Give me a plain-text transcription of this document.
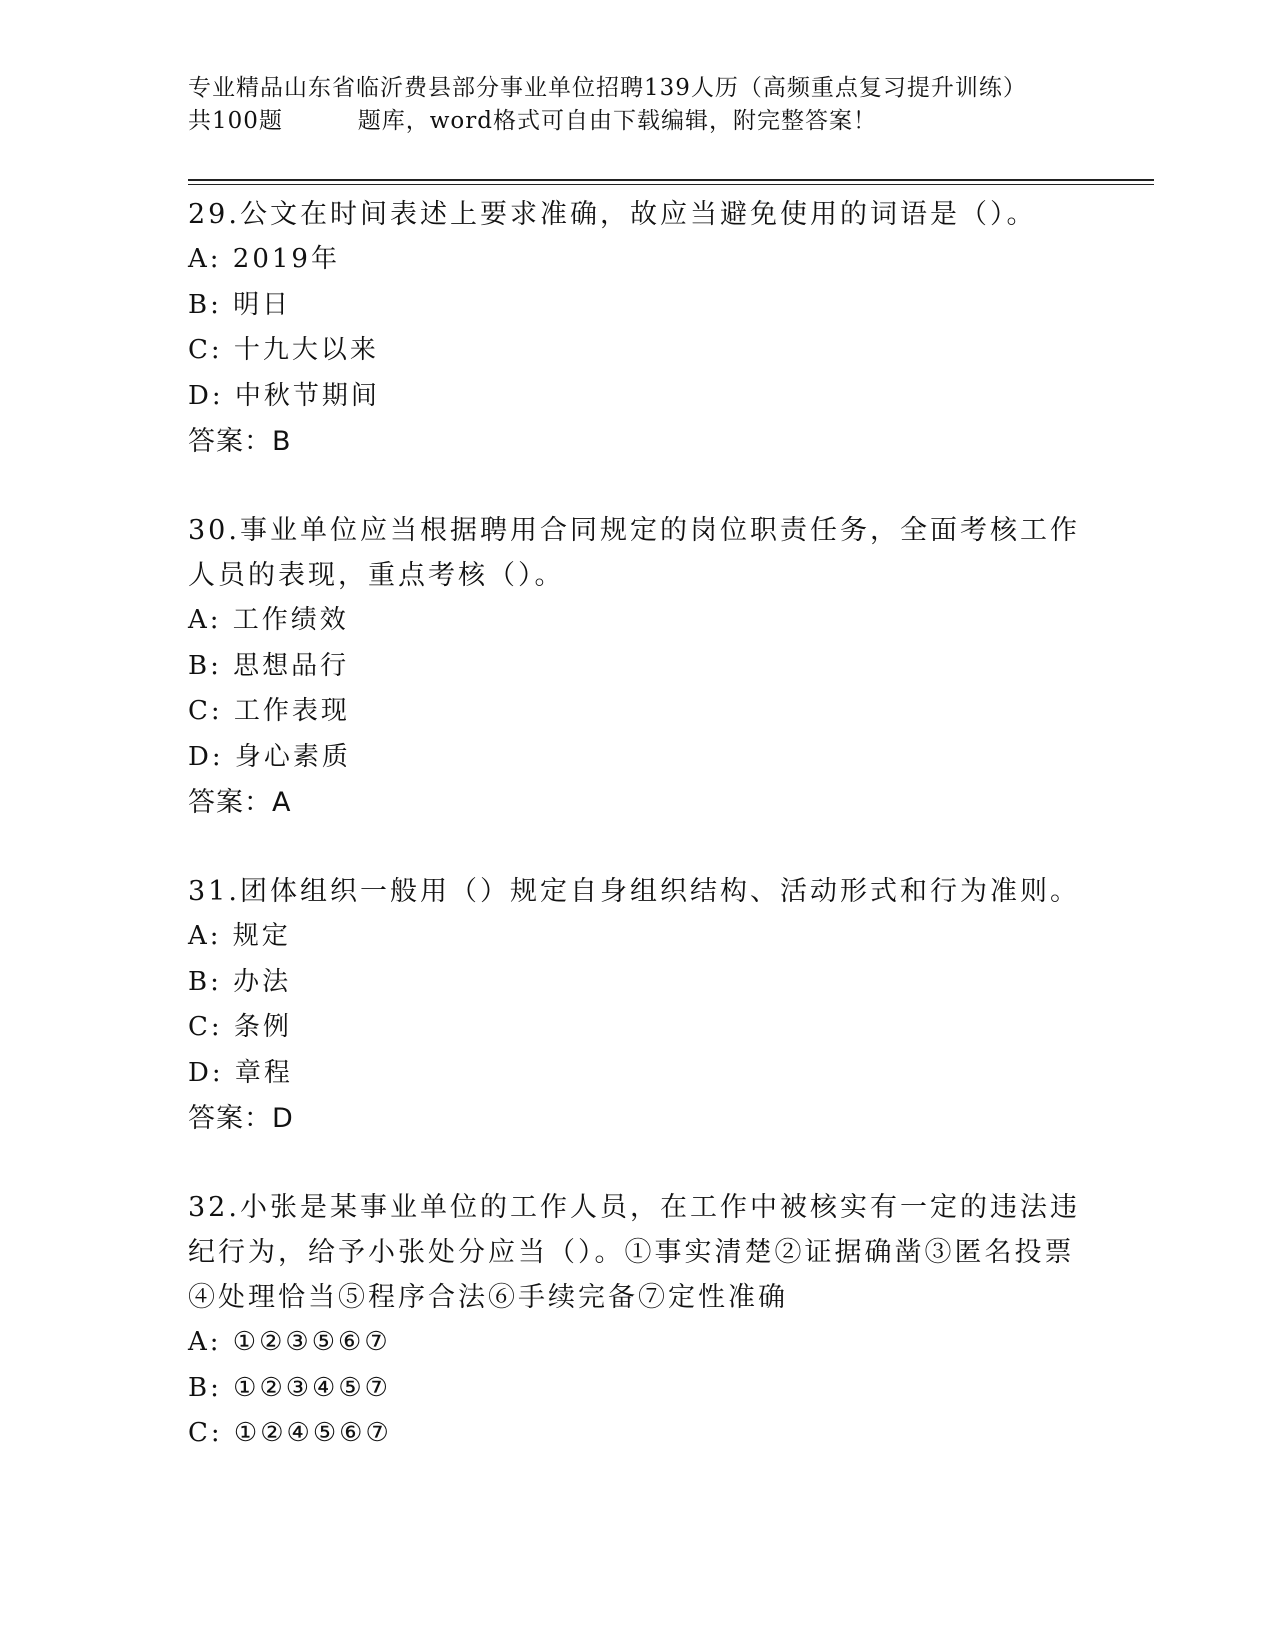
专业精品山东省临沂费县部分事业单位招聘139人历（高频重点复习提升训练）
共100题         题库，word格式可自由下载编辑，附完整答案！

29.公文在时间表述上要求准确，故应当避免使用的词语是（）。

A: 2019年

B: 明日

C: 十九大以来

D: 中秋节期间

答案：B

30.事业单位应当根据聘用合同规定的岗位职责任务，全面考核工作人员的表现，重点考核（）。

A: 工作绩效

B: 思想品行

C: 工作表现

D: 身心素质

答案：A

31.团体组织一般用（）规定自身组织结构、活动形式和行为准则。

A: 规定

B: 办法

C: 条例

D: 章程

答案：D

32.小张是某事业单位的工作人员，在工作中被核实有一定的违法违纪行为，给予小张处分应当（）。①事实清楚②证据确凿③匿名投票④处理恰当⑤程序合法⑥手续完备⑦定性准确

A: ①②③⑤⑥⑦

B: ①②③④⑤⑦

C: ①②④⑤⑥⑦
